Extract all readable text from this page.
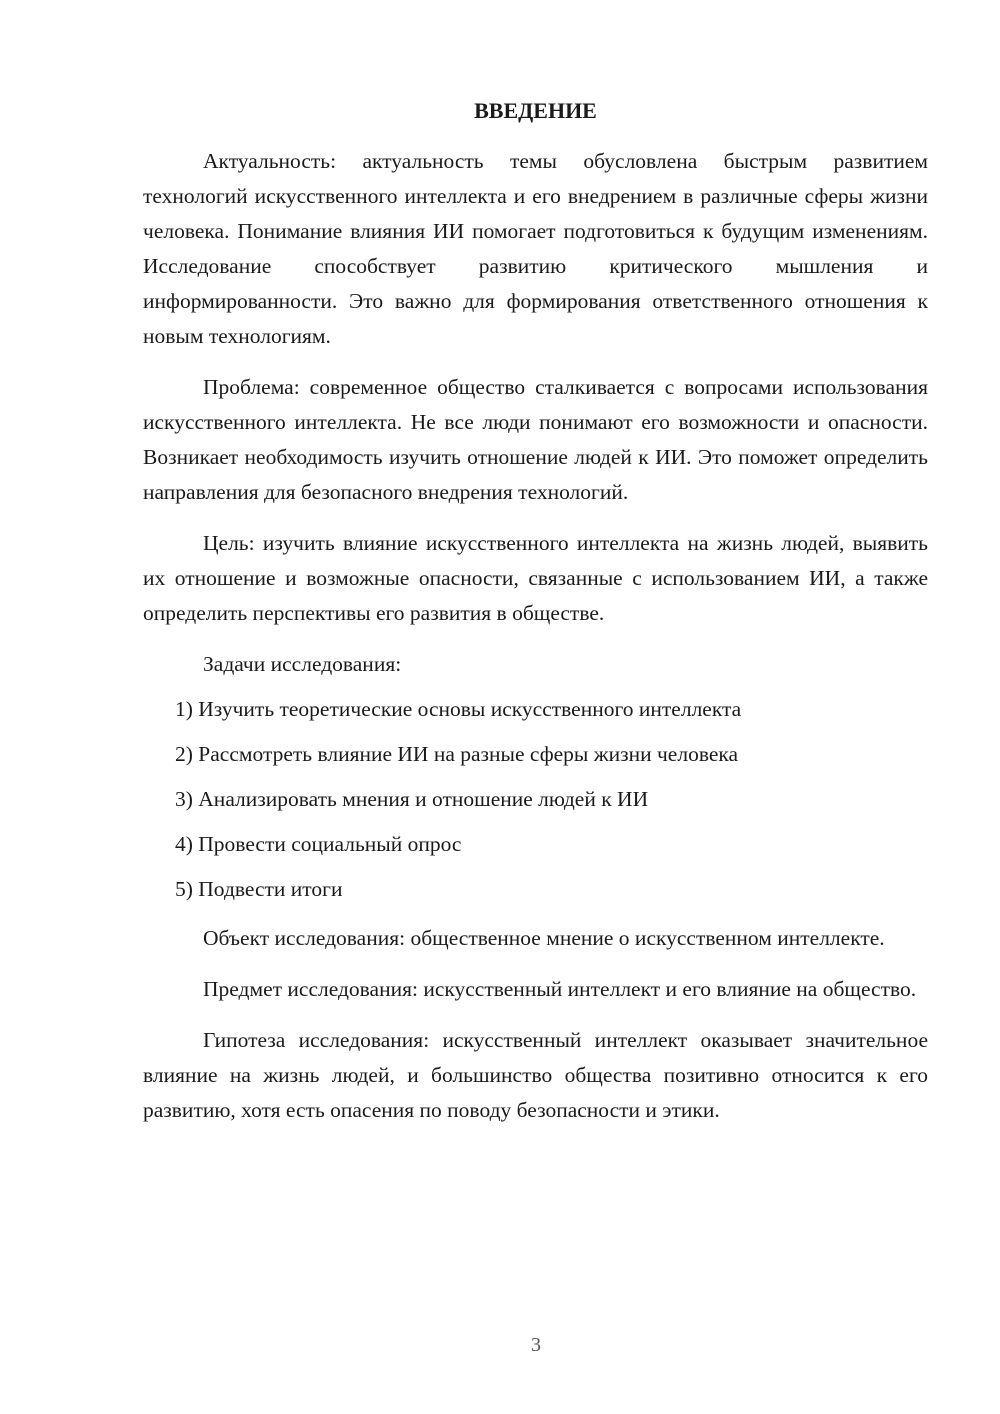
ВВЕДЕНИЕ

Актуальность: актуальность темы обусловлена быстрым развитием технологий искусственного интеллекта и его внедрением в различные сферы жизни человека. Понимание влияния ИИ помогает подготовиться к будущим изменениям. Исследование способствует развитию критического мышления и информированности. Это важно для формирования ответственного отношения к новым технологиям.

Проблема: современное общество сталкивается с вопросами использования искусственного интеллекта. Не все люди понимают его возможности и опасности. Возникает необходимость изучить отношение людей к ИИ. Это поможет определить направления для безопасного внедрения технологий.

Цель: изучить влияние искусственного интеллекта на жизнь людей, выявить их отношение и возможные опасности, связанные с использованием ИИ, а также определить перспективы его развития в обществе.

Задачи исследования:

1) Изучить теоретические основы искусственного интеллекта
2) Рассмотреть влияние ИИ на разные сферы жизни человека
3) Анализировать мнения и отношение людей к ИИ
4) Провести социальный опрос
5) Подвести итоги

Объект исследования: общественное мнение о искусственном интеллекте.

Предмет исследования: искусственный интеллект и его влияние на общество.

Гипотеза исследования: искусственный интеллект оказывает значительное влияние на жизнь людей, и большинство общества позитивно относится к его развитию, хотя есть опасения по поводу безопасности и этики.

3
